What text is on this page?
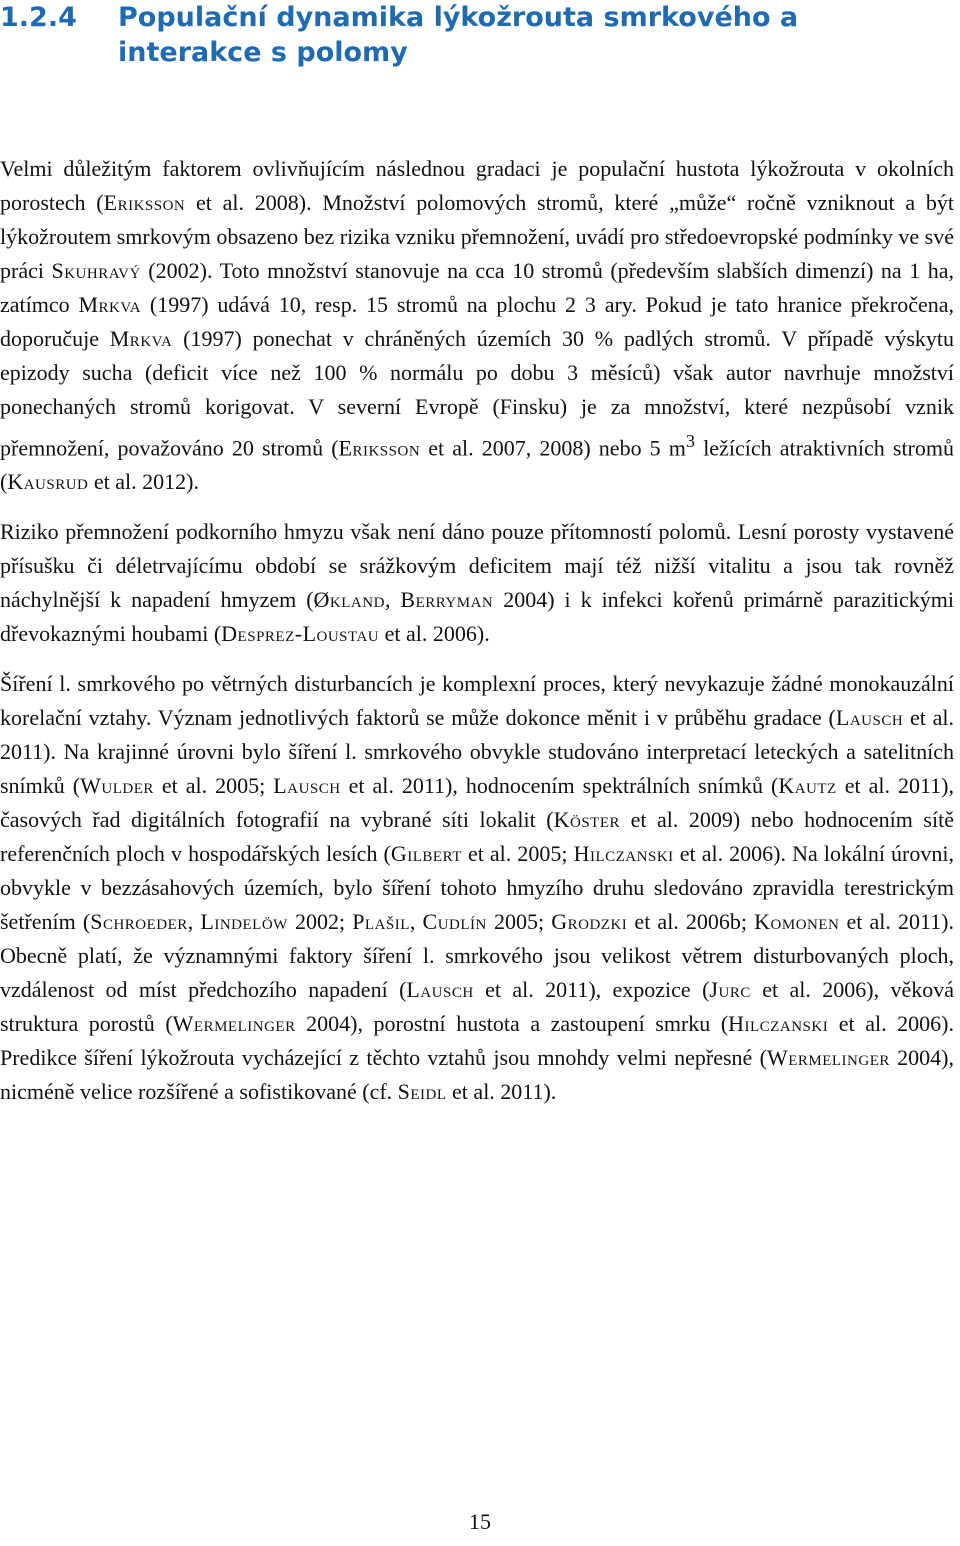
1.2.4	Populační dynamika lýkožrouta smrkového a interakce s polomy

Velmi důležitým faktorem ovlivňujícím následnou gradaci je populační hustota lýkožrouta v okolních porostech (Eriksson et al. 2008). Množství polomových stromů, které „může“ ročně vzniknout a být lýkožroutem smrkovým obsazeno bez rizika vzniku přemnožení, uvádí pro středoevropské podmínky ve své práci Skuhravý (2002). Toto množství stanovuje na cca 10 stromů (především slabších dimenzí) na 1 ha, zatímco Mrkva (1997) udává 10, resp. 15 stromů na plochu 2 3 ary. Pokud je tato hranice překročena, doporučuje Mrkva (1997) ponechat v chráněných územích 30 % padlých stromů. V případě výskytu epizody sucha (deficit více než 100 % normálu po dobu 3 měsíců) však autor navrhuje množství ponechaných stromů korigovat. V severní Evropě (Finsku) je za množství, které nezpůsobí vznik přemnožení, považováno 20 stromů (Eriksson et al. 2007, 2008) nebo 5 $m^3$ ležících atraktivních stromů (Kausrud et al. 2012).

Riziko přemnožení podkorního hmyzu však není dáno pouze přítomností polomů. Lesní porosty vystavené přísušku či déletrvajícímu období se srážkovým deficitem mají též nižší vitalitu a jsou tak rovněž náchylnější k napadení hmyzem (Økland, Berryman 2004) i k infekci kořenů primárně parazitickými dřevokaznými houbami (Desprez-Loustau et al. 2006).

Šíření l. smrkového po větrných disturbancích je komplexní proces, který nevykazuje žádné monokauzální korelační vztahy. Význam jednotlivých faktorů se může dokonce měnit i v průběhu gradace (Lausch et al. 2011). Na krajinné úrovni bylo šíření l. smrkového obvykle studováno interpretací leteckých a satelitních snímků (Wulder et al. 2005; Lausch et al. 2011), hodnocením spektrálních snímků (Kautz et al. 2011), časových řad digitálních fotografií na vybrané síti lokalit (Köster et al. 2009) nebo hodnocením sítě referenčních ploch v hospodářských lesích (Gilbert et al. 2005; Hilczanski et al. 2006). Na lokální úrovni, obvykle v bezzásahových územích, bylo šíření tohoto hmyzího druhu sledováno zpravidla terestrickým šetřením (Schroeder, Lindelöw 2002; Plašil, Cudlín 2005; Grodzki et al. 2006b; Komonen et al. 2011). Obecně platí, že významnými faktory šíření l. smrkového jsou velikost větrem disturbovaných ploch, vzdálenost od míst předchozího napadení (Lausch et al. 2011), expozice (Jurc et al. 2006), věková struktura porostů (Wermelinger 2004), porostní hustota a zastoupení smrku (Hilczanski et al. 2006). Predikce šíření lýkožrouta vycházející z těchto vztahů jsou mnohdy velmi nepřesné (Wermelinger 2004), nicméně velice rozšířené a sofistikované (cf. Seidl et al. 2011).

15
